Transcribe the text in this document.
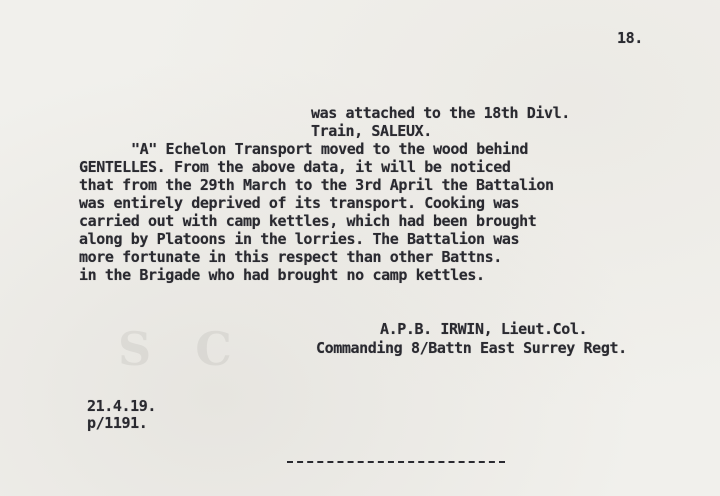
18.
was attached to the 18th Divl.
Train, SALEUX.
"A" Echelon Transport moved to the wood behind
GENTELLES. From the above data, it will be noticed
that from the 29th March to the 3rd April the Battalion
was entirely deprived of its transport. Cooking was
carried out with camp kettles, which had been brought
along by Platoons in the lorries. The Battalion was
more fortunate in this respect than other Battns.
in the Brigade who had brought no camp kettles.
S  C	A.P.B. IRWIN, Lieut.Col.
Commanding 8/Battn East Surrey Regt.
21.4.19.
p/1191.
